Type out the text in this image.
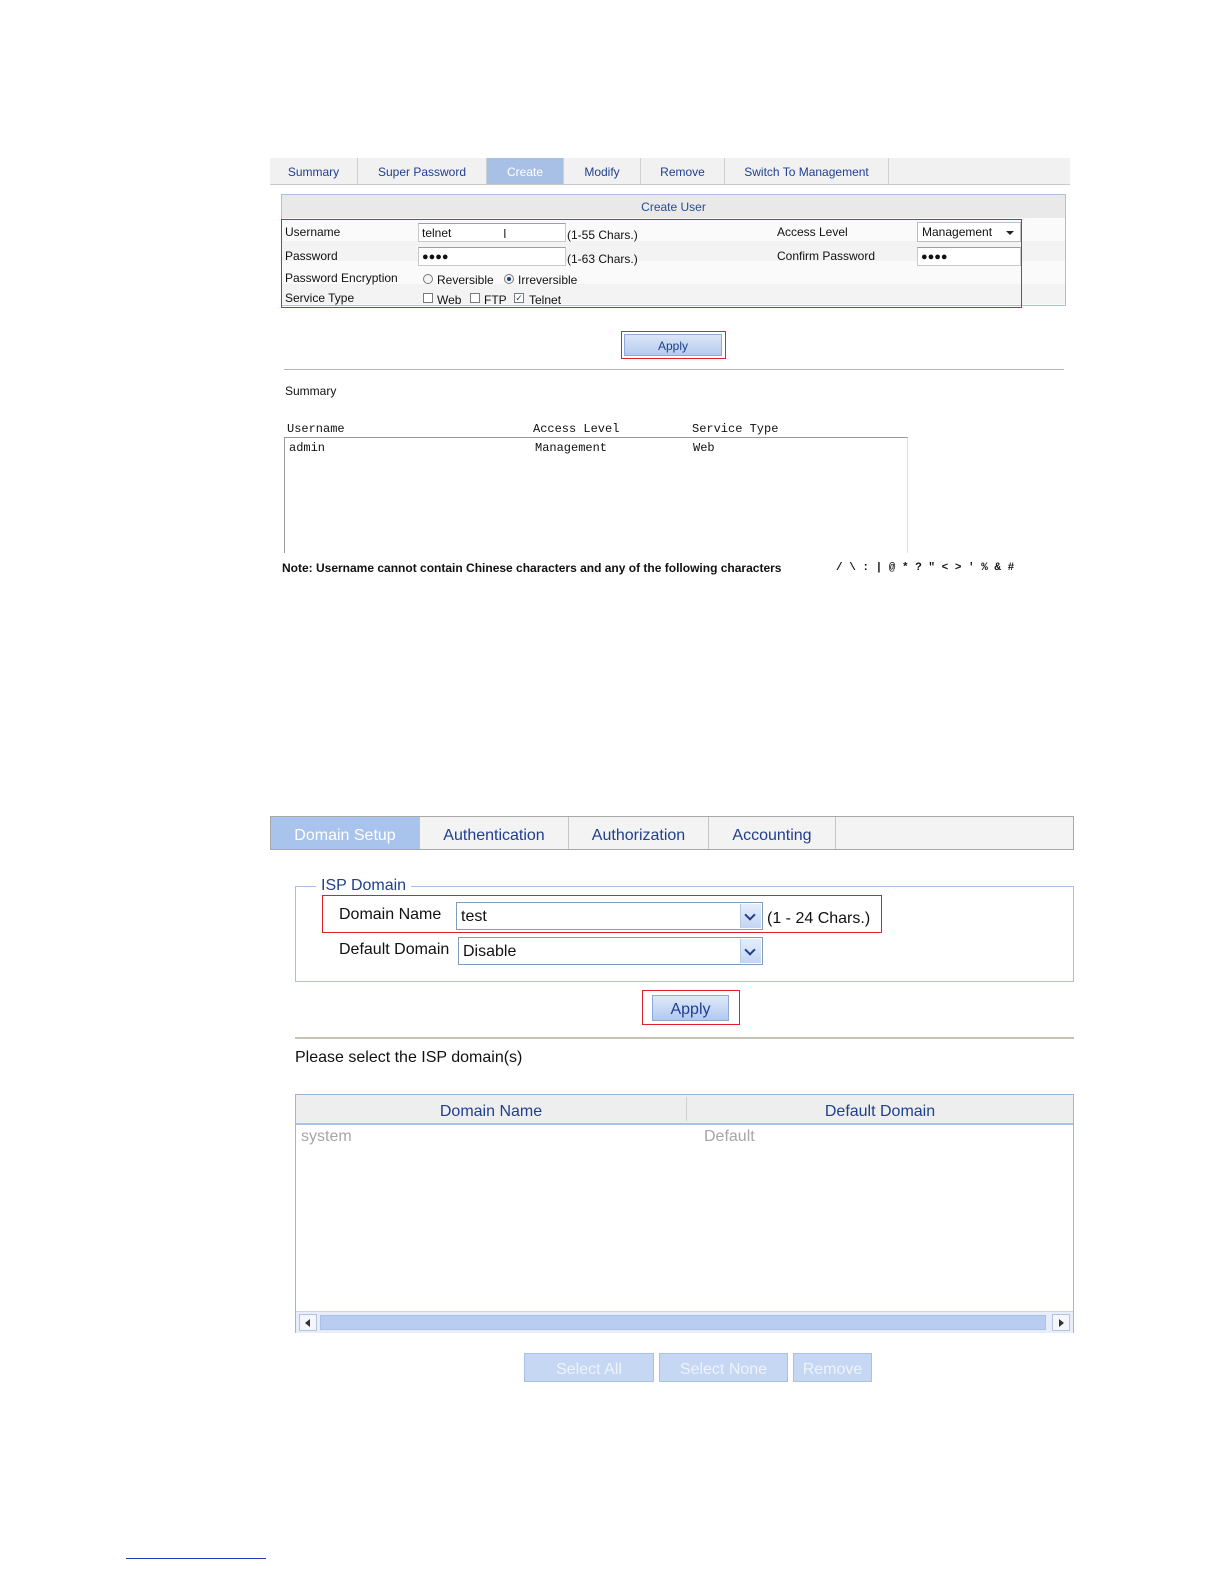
Summary	Super Password	Create	Modify	Remove	Switch To Management
Create User
Username	telnet	I	(1-55 Chars.)	Access Level	Management
Password	●●●●	(1-63 Chars.)	Confirm Password	●●●●
Password Encryption	Reversible Irreversible
Service Type	Web FTP ✓ Telnet
Apply
Summary
Username	Access Level	Service Type
admin	Management	Web
Note: Username cannot contain Chinese characters and any of the following characters	/ \ : | @ * ? " < > ' % & #
Domain Setup	Authentication	Authorization	Accounting
ISP Domain
Domain Name	test	(1 - 24 Chars.)
Default Domain Disable
Apply
Please select the ISP domain(s)
Domain Name	Default Domain
system	Default
Select All	Select None	Remove
